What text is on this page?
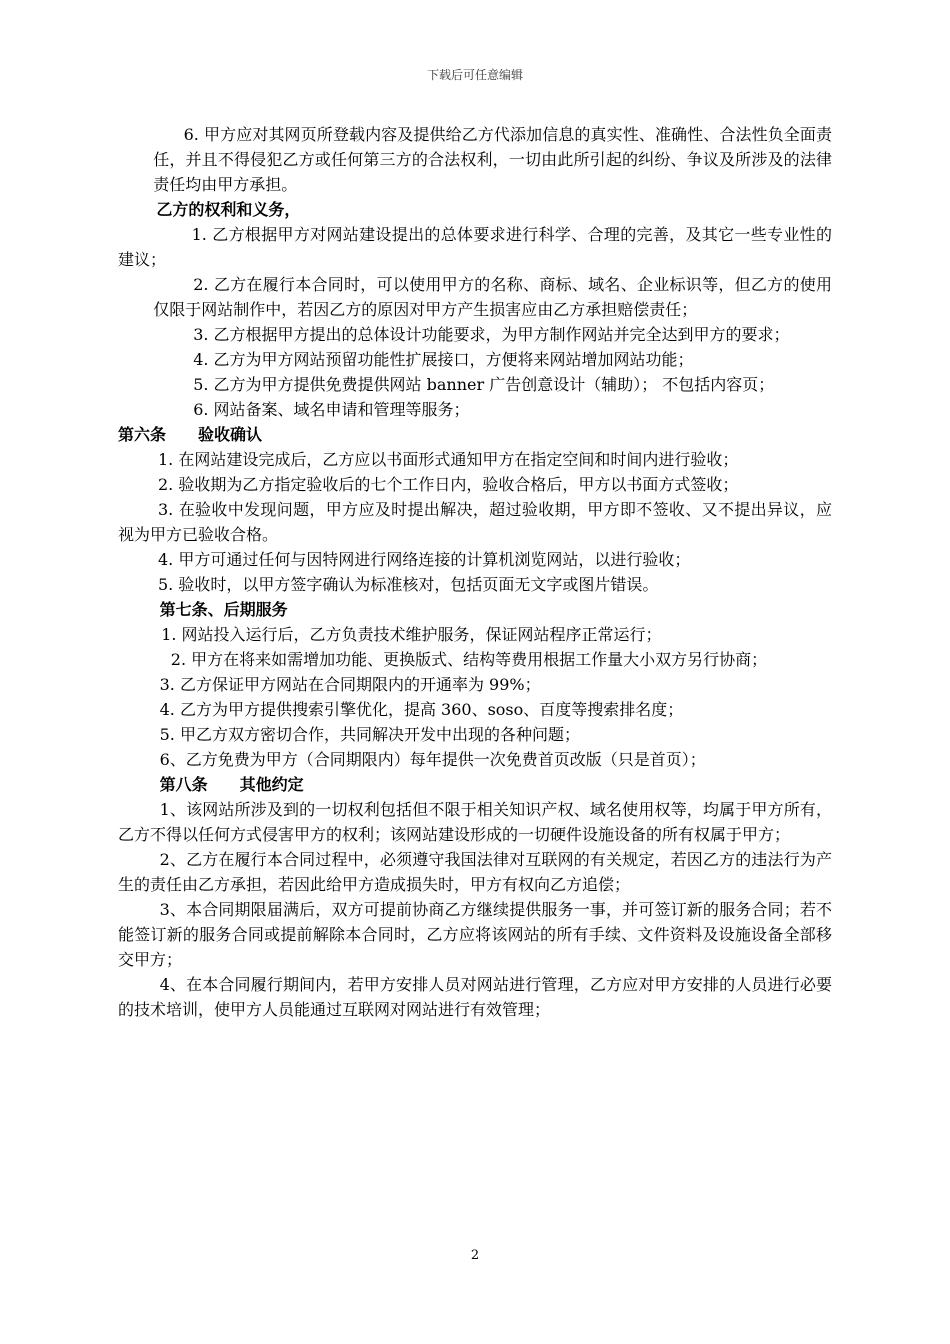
下载后可任意编辑

6. 甲方应对其网页所登载内容及提供给乙方代添加信息的真实性、准确性、合法性负全面责任，并且不得侵犯乙方或任何第三方的合法权利，一切由此所引起的纠纷、争议及所涉及的法律责任均由甲方承担。

乙方的权利和义务，

1. 乙方根据甲方对网站建设提出的总体要求进行科学、合理的完善，及其它一些专业性的建议；

2. 乙方在履行本合同时，可以使用甲方的名称、商标、域名、企业标识等，但乙方的使用仅限于网站制作中，若因乙方的原因对甲方产生损害应由乙方承担赔偿责任；

3. 乙方根据甲方提出的总体设计功能要求，为甲方制作网站并完全达到甲方的要求；

4. 乙方为甲方网站预留功能性扩展接口，方便将来网站增加网站功能；

5. 乙方为甲方提供免费提供网站 banner 广告创意设计（辅助）； 不包括内容页；

6. 网站备案、域名申请和管理等服务；

第六条　　验收确认

1. 在网站建设完成后，乙方应以书面形式通知甲方在指定空间和时间内进行验收；

2. 验收期为乙方指定验收后的七个工作日内，验收合格后，甲方以书面方式签收；

3. 在验收中发现问题，甲方应及时提出解决，超过验收期，甲方即不签收、又不提出异议，应视为甲方已验收合格。

4. 甲方可通过任何与因特网进行网络连接的计算机浏览网站，以进行验收；

5. 验收时，以甲方签字确认为标准核对，包括页面无文字或图片错误。

第七条、后期服务

1. 网站投入运行后，乙方负责技术维护服务，保证网站程序正常运行；

2. 甲方在将来如需增加功能、更换版式、结构等费用根据工作量大小双方另行协商；

3. 乙方保证甲方网站在合同期限内的开通率为 99%；

4. 乙方为甲方提供搜索引擎优化，提高 360、soso、百度等搜索排名度；

5. 甲乙方双方密切合作，共同解决开发中出现的各种问题；

6、乙方免费为甲方（合同期限内）每年提供一次免费首页改版（只是首页）；

第八条　　其他约定

1、该网站所涉及到的一切权利包括但不限于相关知识产权、域名使用权等，均属于甲方所有，乙方不得以任何方式侵害甲方的权利；该网站建设形成的一切硬件设施设备的所有权属于甲方；

2、乙方在履行本合同过程中，必须遵守我国法律对互联网的有关规定，若因乙方的违法行为产生的责任由乙方承担，若因此给甲方造成损失时，甲方有权向乙方追偿；

3、本合同期限届满后，双方可提前协商乙方继续提供服务一事，并可签订新的服务合同；若不能签订新的服务合同或提前解除本合同时，乙方应将该网站的所有手续、文件资料及设施设备全部移交甲方；

4、在本合同履行期间内，若甲方安排人员对网站进行管理，乙方应对甲方安排的人员进行必要的技术培训，使甲方人员能通过互联网对网站进行有效管理；

2
